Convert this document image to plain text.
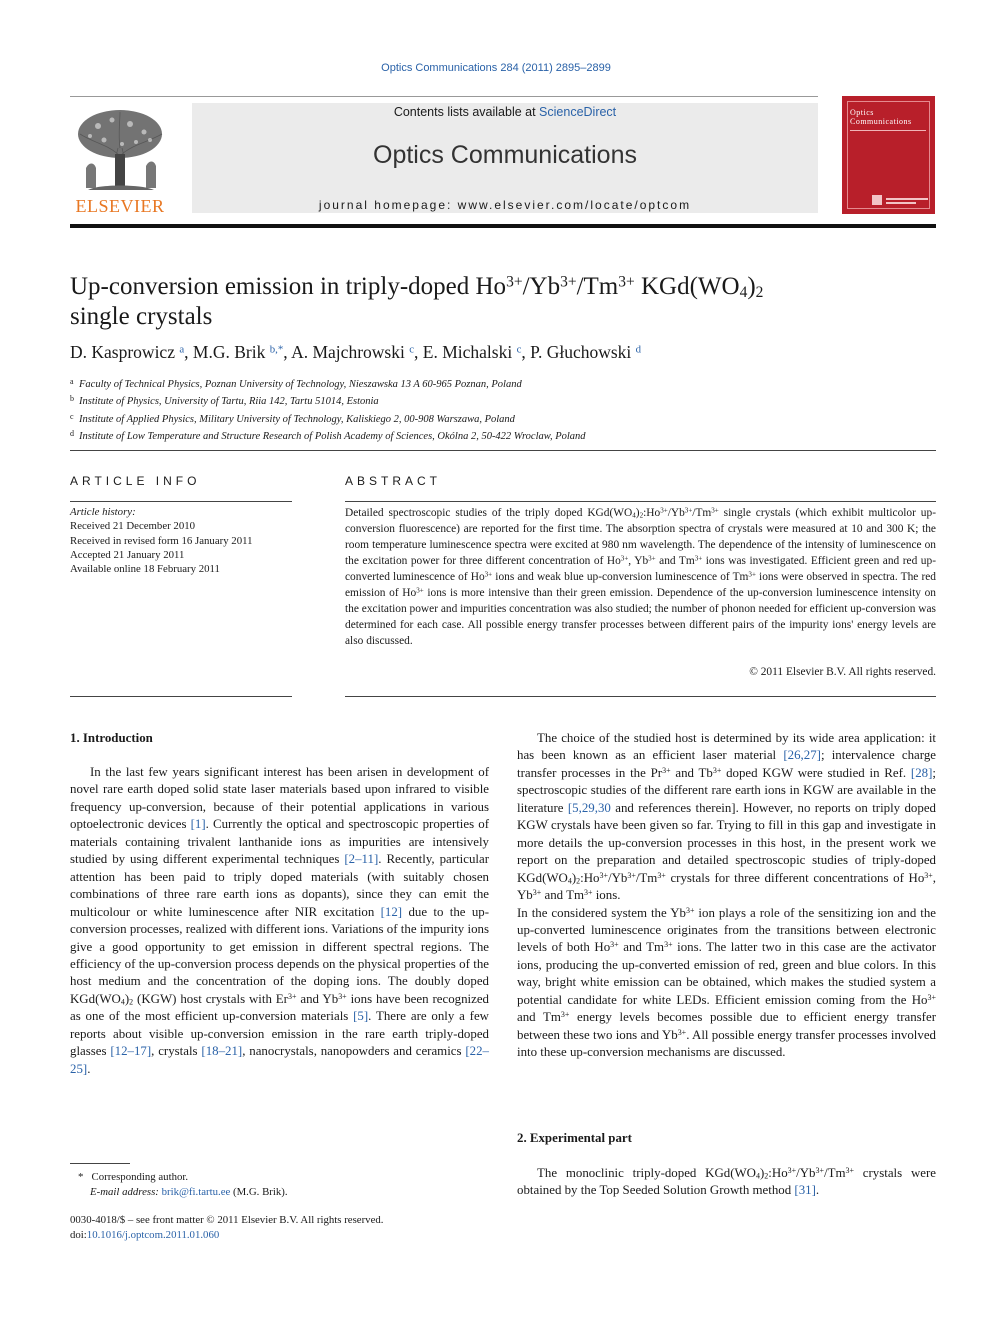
Optics Communications 284 (2011) 2895–2899
ELSEVIER
Contents lists available at ScienceDirect
Optics Communications
journal homepage: www.elsevier.com/locate/optcom
Optics Communications
Up-conversion emission in triply-doped $Ho^{3+}/Yb^{3+}/Tm^{3+}$ $KGd(WO_4)_2$
single crystals
D. Kasprowicz $^a$, M.G. Brik $^{b,*}$, A. Majchrowski $^c$, E. Michalski $^c$, P. Głuchowski $^d$
a Faculty of Technical Physics, Poznan University of Technology, Nieszawska 13 A 60-965 Poznan, Poland
b Institute of Physics, University of Tartu, Riia 142, Tartu 51014, Estonia
c Institute of Applied Physics, Military University of Technology, Kaliskiego 2, 00-908 Warszawa, Poland
d Institute of Low Temperature and Structure Research of Polish Academy of Sciences, Okólna 2, 50-422 Wroclaw, Poland
ARTICLE INFO
Article history:
Received 21 December 2010
Received in revised form 16 January 2011
Accepted 21 January 2011
Available online 18 February 2011
ABSTRACT
Detailed spectroscopic studies of the triply doped $KGd(WO_4)_2:Ho^{3+}/Yb^{3+}/Tm^{3+}$ single crystals (which exhibit multicolor up-conversion fluorescence) are reported for the first time. The absorption spectra of crystals were measured at 10 and 300 K; the room temperature luminescence spectra were excited at 980 nm wavelength. The dependence of the intensity of luminescence on the excitation power for three different concentration of $Ho^{3+}$, $Yb^{3+}$ and $Tm^{3+}$ ions was investigated. Efficient green and red up-converted luminescence of $Ho^{3+}$ ions and weak blue up-conversion luminescence of $Tm^{3+}$ ions were observed in spectra. The red emission of $Ho^{3+}$ ions is more intensive than their green emission. Dependence of the up-conversion luminescence intensity on the excitation power and impurities concentration was also studied; the number of phonon needed for efficient up-conversion was determined for each case. All possible energy transfer processes between different pairs of the impurity ions' energy levels are also discussed.
© 2011 Elsevier B.V. All rights reserved.
1. Introduction
In the last few years significant interest has been arisen in development of novel rare earth doped solid state laser materials based upon infrared to visible frequency up-conversion, because of their potential applications in various optoelectronic devices [1]. Currently the optical and spectroscopic properties of materials containing trivalent lanthanide ions as impurities are intensively studied by using different experimental techniques [2–11]. Recently, particular attention has been paid to triply doped materials (with suitably chosen combinations of three rare earth ions as dopants), since they can emit the multicolour or white luminescence after NIR excitation [12] due to the up-conversion processes, realized with different ions. Variations of the impurity ions give a good opportunity to get emission in different spectral regions. The efficiency of the up-conversion process depends on the physical properties of the host medium and the concentration of the doping ions. The doubly doped $KGd(WO_4)_2$ (KGW) host crystals with $Er^{3+}$ and $Yb^{3+}$ ions have been recognized as one of the most efficient up-conversion materials [5]. There are only a few reports about visible up-conversion emission in the rare earth triply-doped glasses [12–17], crystals [18–21], nanocrystals, nanopowders and ceramics [22–25].
The choice of the studied host is determined by its wide area application: it has been known as an efficient laser material [26,27]; intervalence charge transfer processes in the $Pr^{3+}$ and $Tb^{3+}$ doped KGW were studied in Ref. [28]; spectroscopic studies of the different rare earth ions in KGW are available in the literature [5,29,30 and references therein]. However, no reports on triply doped KGW crystals have been given so far. Trying to fill in this gap and investigate in more details the up-conversion processes in this host, in the present work we report on the preparation and detailed spectroscopic studies of triply-doped $KGd(WO_4)_2:Ho^{3+}/Yb^{3+}/Tm^{3+}$ crystals for three different concentrations of $Ho^{3+}$, $Yb^{3+}$ and $Tm^{3+}$ ions.
In the considered system the $Yb^{3+}$ ion plays a role of the sensitizing ion and the up-converted luminescence originates from the transitions between electronic levels of both $Ho^{3+}$ and $Tm^{3+}$ ions. The latter two in this case are the activator ions, producing the up-converted emission of red, green and blue colors. In this way, bright white emission can be obtained, which makes the studied system a potential candidate for white LEDs. Efficient emission coming from the $Ho^{3+}$ and $Tm^{3+}$ energy levels becomes possible due to efficient energy transfer between these two ions and $Yb^{3+}$. All possible energy transfer processes involved into these up-conversion mechanisms are discussed.
2. Experimental part
The monoclinic triply-doped $KGd(WO_4)_2:Ho^{3+}/Yb^{3+}/Tm^{3+}$ crystals were obtained by the Top Seeded Solution Growth method [31].
* Corresponding author.
E-mail address: brik@fi.tartu.ee (M.G. Brik).
0030-4018/$ – see front matter © 2011 Elsevier B.V. All rights reserved.
doi:10.1016/j.optcom.2011.01.060
